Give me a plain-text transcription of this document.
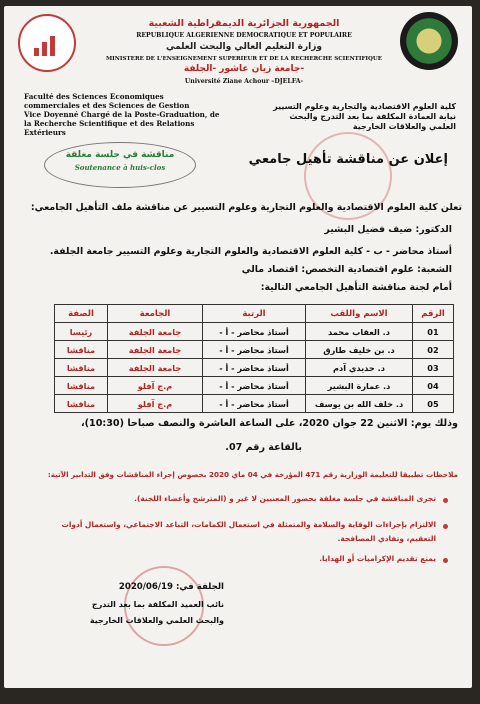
الجمهورية الجزائرية الديمقراطية الشعبية
REPUBLIQUE ALGERIENNE DEMOCRATIQUE ET POPULAIRE
وزارة التعليم العالي والبحث العلمي
MINISTERE DE L'ENSEIGNEMENT SUPERIEUR ET DE LA RECHERCHE SCIENTIFIQUE
جامعة زيان عاشور -الجلفة-
Université Ziane Achour –DJELFA-
Faculté des Sciences Economiques
commerciales et des Sciences de Gestion
Vice Doyenné Chargé de la Poste-Graduation, de
la Recherche Scientifique et des Relations
Extérieurs
كلية العلوم الاقتصادية والتجارية وعلوم التسيير
نيابة العمادة المكلفة بما بعد التدرج والبحث
العلمي والعلاقات الخارجية
مناقشة في جلسة مغلقة
Soutenance à huis-clos
إعلان عن مناقشة تأهيل جامعي
تعلن كلية العلوم الاقتصادية والعلوم التجارية وعلوم التسيير عن مناقشة ملف التأهيل الجامعي:
الدكتور: ضيف فضيل البشير
أستاذ محاضر - ب - كلية العلوم الاقتصادية والعلوم التجارية وعلوم التسيير جامعة الجلفة.
الشعبة: علوم اقتصادية التخصص: اقتصاد مالي
أمام لجنة مناقشة التأهيل الجامعي التالية:
الرقم	الاسم واللقب	الرتبة	الجامعة	الصفة
01	د. العقاب محمد	أستاذ محاضر - أ -	جامعة الجلفة	رئيسا
02	د. بن خليف طارق	أستاذ محاضر - أ -	جامعة الجلفة	مناقشا
03	د. حديدي آدم	أستاذ محاضر - أ -	جامعة الجلفة	مناقشا
04	د. عمارة البشير	أستاذ محاضر - أ -	م.ج آفلو	مناقشا
05	د. خلف الله بن يوسف	أستاذ محاضر - أ -	م.ج آفلو	مناقشا
وذلك يوم: الاثنين 22 جوان 2020، على الساعة العاشرة والنصف صباحا (10:30)،
بالقاعة رقم 07.
ملاحظات تطبيقا للتعليمة الوزارية رقم 471 المؤرخة في 04 ماي 2020 بخصوص إجراء المناقشات وفق التدابير الآتية:
تجرى المناقشة في جلسة مغلقة بحضور المعنيين لا غير و (المترشح وأعضاء اللجنة).
الالتزام بإجراءات الوقاية والسلامة والمتمثلة في استعمال الكمامات، التباعد الاجتماعي، واستعمال أدوات
التعقيم، وتفادي المصافحة.
يمنع تقديم الإكراميات أو الهدايا.
الجلفة في: 2020/06/19
نائب العميد المكلفة بما بعد التدرج
والبحث العلمي والعلاقات الخارجية
